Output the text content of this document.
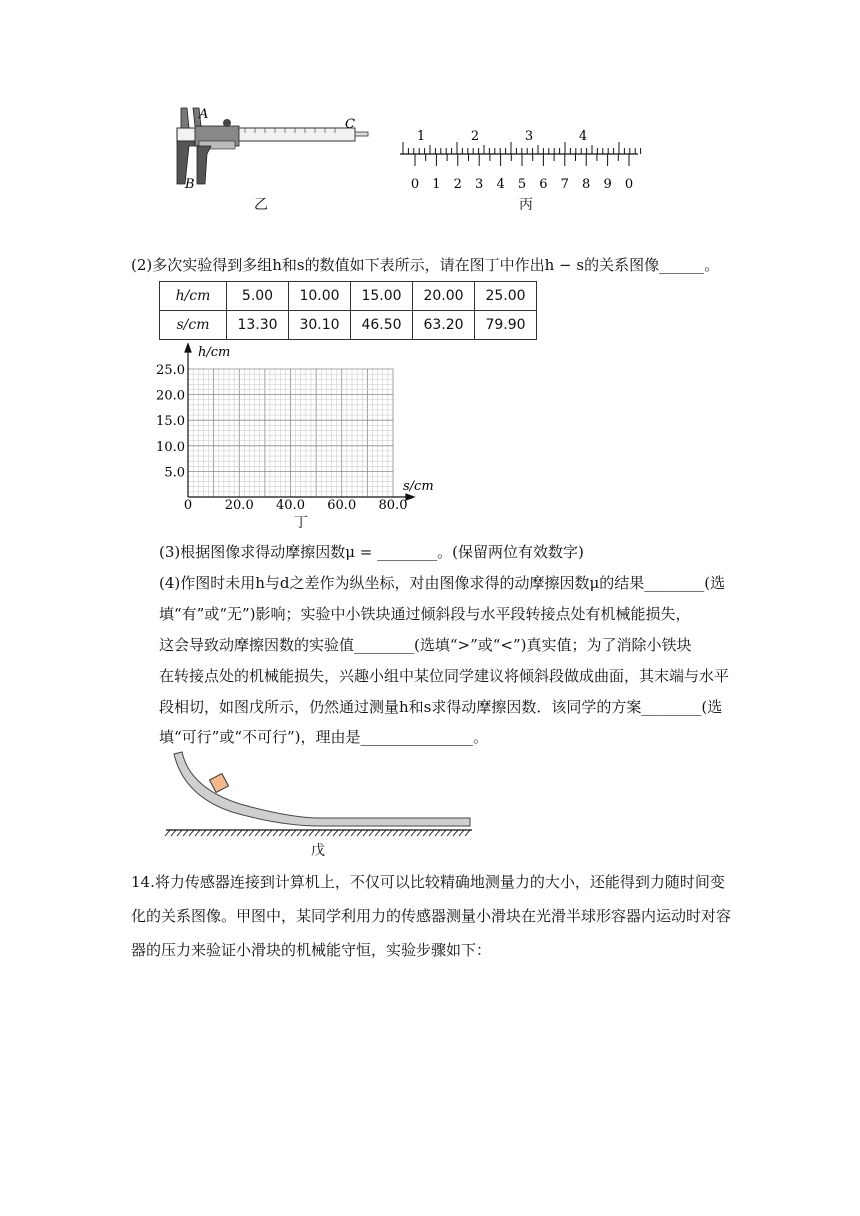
A
B
C
乙
1	2	3	4
0 1 2 3 4 5 6 7 8 9 0
丙
(2)多次实验得到多组h和s的数值如下表所示，请在图丁中作出h − s的关系图像______。
h/cm	5.00	10.00	15.00	20.00	25.00
s/cm	13.30	30.10	46.50	63.20	79.90
5.0
10.0
15.0
20.0
25.0
20.0 40.0 60.0 80.0
h/cm
s/cm
0
丁
(3)根据图像求得动摩擦因数μ = ________。(保留两位有效数字)
(4)作图时未用h与d之差作为纵坐标，对由图像求得的动摩擦因数μ的结果________(选
填“有”或“无”)影响；实验中小铁块通过倾斜段与水平段转接点处有机械能损失，
这会导致动摩擦因数的实验值________(选填“>”或“<”)真实值；为了消除小铁块
在转接点处的机械能损失，兴趣小组中某位同学建议将倾斜段做成曲面，其末端与水平
段相切，如图戊所示，仍然通过测量h和s求得动摩擦因数．该同学的方案________(选
填“可行”或“不可行”)，理由是_______________。
戊
14.将力传感器连接到计算机上，不仅可以比较精确地测量力的大小，还能得到力随时间变
化的关系图像。甲图中，某同学利用力的传感器测量小滑块在光滑半球形容器内运动时对容
器的压力来验证小滑块的机械能守恒，实验步骤如下：
